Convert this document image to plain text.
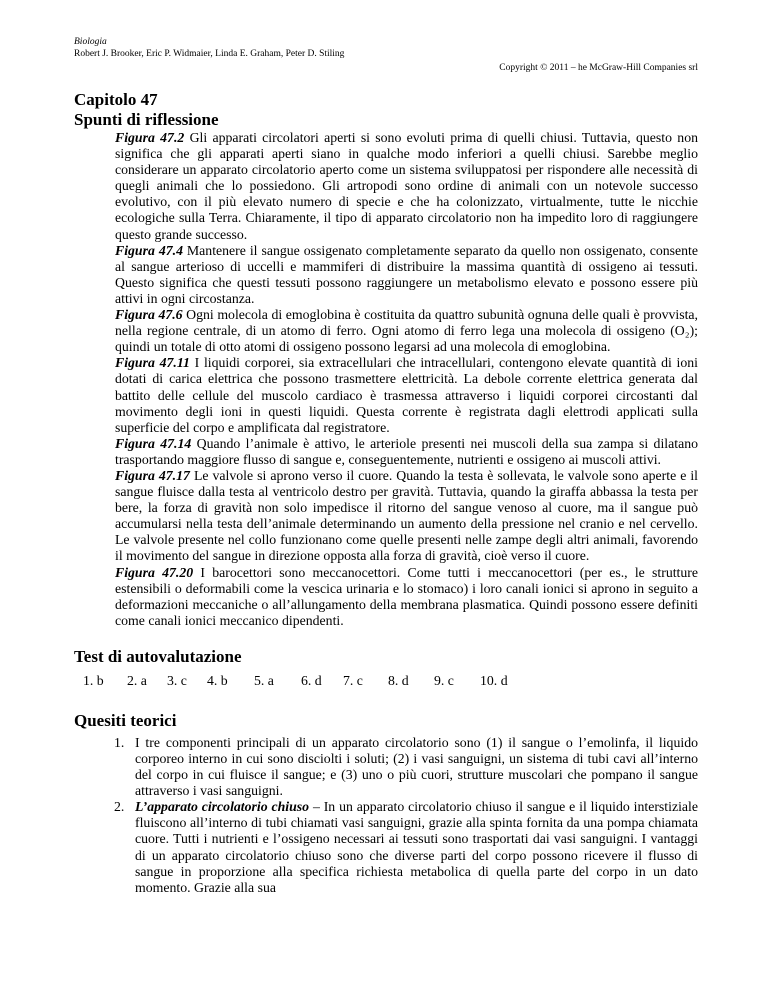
Biologia
Robert J. Brooker, Eric P. Widmaier, Linda E. Graham, Peter D. Stiling
Copyright © 2011 – he McGraw-Hill Companies srl
Capitolo 47
Spunti di riflessione

Figura 47.2 Gli apparati circolatori aperti si sono evoluti prima di quelli chiusi. Tuttavia, questo non significa che gli apparati aperti siano in qualche modo inferiori a quelli chiusi. Sarebbe meglio considerare un apparato circolatorio aperto come un sistema sviluppatosi per rispondere alle necessità di quegli animali che lo possiedono. Gli artropodi sono ordine di animali con un notevole successo evolutivo, con il più elevato numero di specie e che ha colonizzato, virtualmente, tutte le nicchie ecologiche sulla Terra. Chiaramente, il tipo di apparato circolatorio non ha impedito loro di raggiungere questo grande successo.

Figura 47.4 Mantenere il sangue ossigenato completamente separato da quello non ossigenato, consente al sangue arterioso di uccelli e mammiferi di distribuire la massima quantità di ossigeno ai tessuti. Questo significa che questi tessuti possono raggiungere un metabolismo elevato e possono essere più attivi in ogni circostanza.

Figura 47.6 Ogni molecola di emoglobina è costituita da quattro subunità ognuna delle quali è provvista, nella regione centrale, di un atomo di ferro. Ogni atomo di ferro lega una molecola di ossigeno (O₂); quindi un totale di otto atomi di ossigeno possono legarsi ad una molecola di emoglobina.

Figura 47.11 I liquidi corporei, sia extracellulari che intracellulari, contengono elevate quantità di ioni dotati di carica elettrica che possono trasmettere elettricità. La debole corrente elettrica generata dal battito delle cellule del muscolo cardiaco è trasmessa attraverso i liquidi corporei circostanti dal movimento degli ioni in questi liquidi. Questa corrente è registrata dagli elettrodi applicati sulla superficie del corpo e amplificata dal registratore.

Figura 47.14 Quando l’animale è attivo, le arteriole presenti nei muscoli della sua zampa si dilatano trasportando maggiore flusso di sangue e, conseguentemente, nutrienti e ossigeno ai muscoli attivi.

Figura 47.17 Le valvole si aprono verso il cuore. Quando la testa è sollevata, le valvole sono aperte e il sangue fluisce dalla testa al ventricolo destro per gravità. Tuttavia, quando la giraffa abbassa la testa per bere, la forza di gravità non solo impedisce il ritorno del sangue venoso al cuore, ma il sangue può accumularsi nella testa dell’animale determinando un aumento della pressione nel cranio e nel cervello. Le valvole presente nel collo funzionano come quelle presenti nelle zampe degli altri animali, favorendo il movimento del sangue in direzione opposta alla forza di gravità, cioè verso il cuore.

Figura 47.20 I barocettori sono meccanocettori. Come tutti i meccanocettori (per es., le strutture estensibili o deformabili come la vescica urinaria e lo stomaco) i loro canali ionici si aprono in seguito a deformazioni meccaniche o all’allungamento della membrana plasmatica. Quindi possono essere definiti come canali ionici meccanico dipendenti.

Test di autovalutazione
1. b	2. a	3. c	4. b	5. a	6. d	7. c	8. d	9. c	10. d
Quesiti teorici
1. I tre componenti principali di un apparato circolatorio sono (1) il sangue o l’emolinfa, il liquido corporeo interno in cui sono disciolti i soluti; (2) i vasi sanguigni, un sistema di tubi cavi all’interno del corpo in cui fluisce il sangue; e (3) uno o più cuori, strutture muscolari che pompano il sangue attraverso i vasi sanguigni.
2. L’apparato circolatorio chiuso – In un apparato circolatorio chiuso il sangue e il liquido interstiziale fluiscono all’interno di tubi chiamati vasi sanguigni, grazie alla spinta fornita da una pompa chiamata cuore. Tutti i nutrienti e l’ossigeno necessari ai tessuti sono trasportati dai vasi sanguigni. I vantaggi di un apparato circolatorio chiuso sono che diverse parti del corpo possono ricevere il flusso di sangue in proporzione alla specifica richiesta metabolica di quella parte del corpo in un dato momento. Grazie alla sua
